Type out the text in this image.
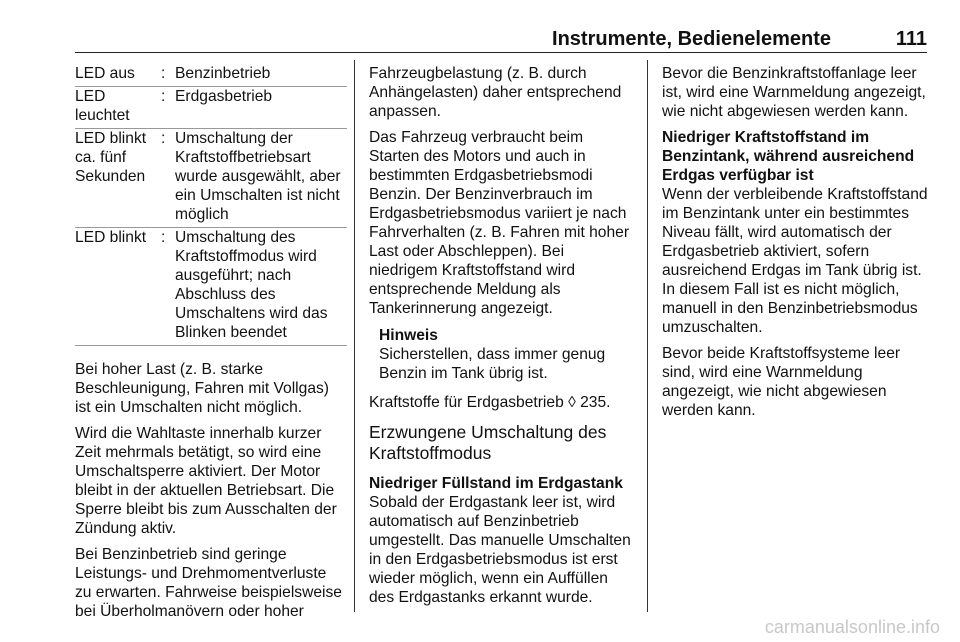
Instrumente, Bedienelemente	111
LED aus	:	Benzinbetrieb
LED leuchtet	:	Erdgasbetrieb
LED blinkt ca. fünf Sekunden	:	Umschaltung der Kraftstoffbetriebsart wurde ausgewählt, aber ein Umschalten ist nicht möglich
LED blinkt	:	Umschaltung des Kraftstoffmodus wird ausgeführt; nach Abschluss des Umschaltens wird das Blinken beendet

Bei hoher Last (z. B. starke Beschleunigung, Fahren mit Vollgas) ist ein Umschalten nicht möglich.

Wird die Wahltaste innerhalb kurzer Zeit mehrmals betätigt, so wird eine Umschaltsperre aktiviert. Der Motor bleibt in der aktuellen Betriebsart. Die Sperre bleibt bis zum Ausschalten der Zündung aktiv.

Bei Benzinbetrieb sind geringe Leistungs- und Drehmomentverluste zu erwarten. Fahrweise beispielsweise bei Überholmanövern oder hoher

Fahrzeugbelastung (z. B. durch Anhängelasten) daher entsprechend anpassen.

Das Fahrzeug verbraucht beim Starten des Motors und auch in bestimmten Erdgasbetriebsmodi Benzin. Der Benzinverbrauch im Erdgasbetriebsmodus variiert je nach Fahrverhalten (z. B. Fahren mit hoher Last oder Abschleppen). Bei niedrigem Kraftstoffstand wird entsprechende Meldung als Tankerinnerung angezeigt.

Hinweis
Sicherstellen, dass immer genug Benzin im Tank übrig ist.

Kraftstoffe für Erdgasbetrieb ◊ 235.

Erzwungene Umschaltung des Kraftstoffmodus
Niedriger Füllstand im Erdgastank

Sobald der Erdgastank leer ist, wird automatisch auf Benzinbetrieb umgestellt. Das manuelle Umschalten in den Erdgasbetriebsmodus ist erst wieder möglich, wenn ein Auffüllen des Erdgastanks erkannt wurde.

Bevor die Benzinkraftstoffanlage leer ist, wird eine Warnmeldung angezeigt, wie nicht abgewiesen werden kann.

Niedriger Kraftstoffstand im Benzintank, während ausreichend Erdgas verfügbar ist

Wenn der verbleibende Kraftstoffstand im Benzintank unter ein bestimmtes Niveau fällt, wird automatisch der Erdgasbetrieb aktiviert, sofern ausreichend Erdgas im Tank übrig ist. In diesem Fall ist es nicht möglich, manuell in den Benzinbetriebsmodus umzuschalten.

Bevor beide Kraftstoffsysteme leer sind, wird eine Warnmeldung angezeigt, wie nicht abgewiesen werden kann.

carmanualsonline.info
